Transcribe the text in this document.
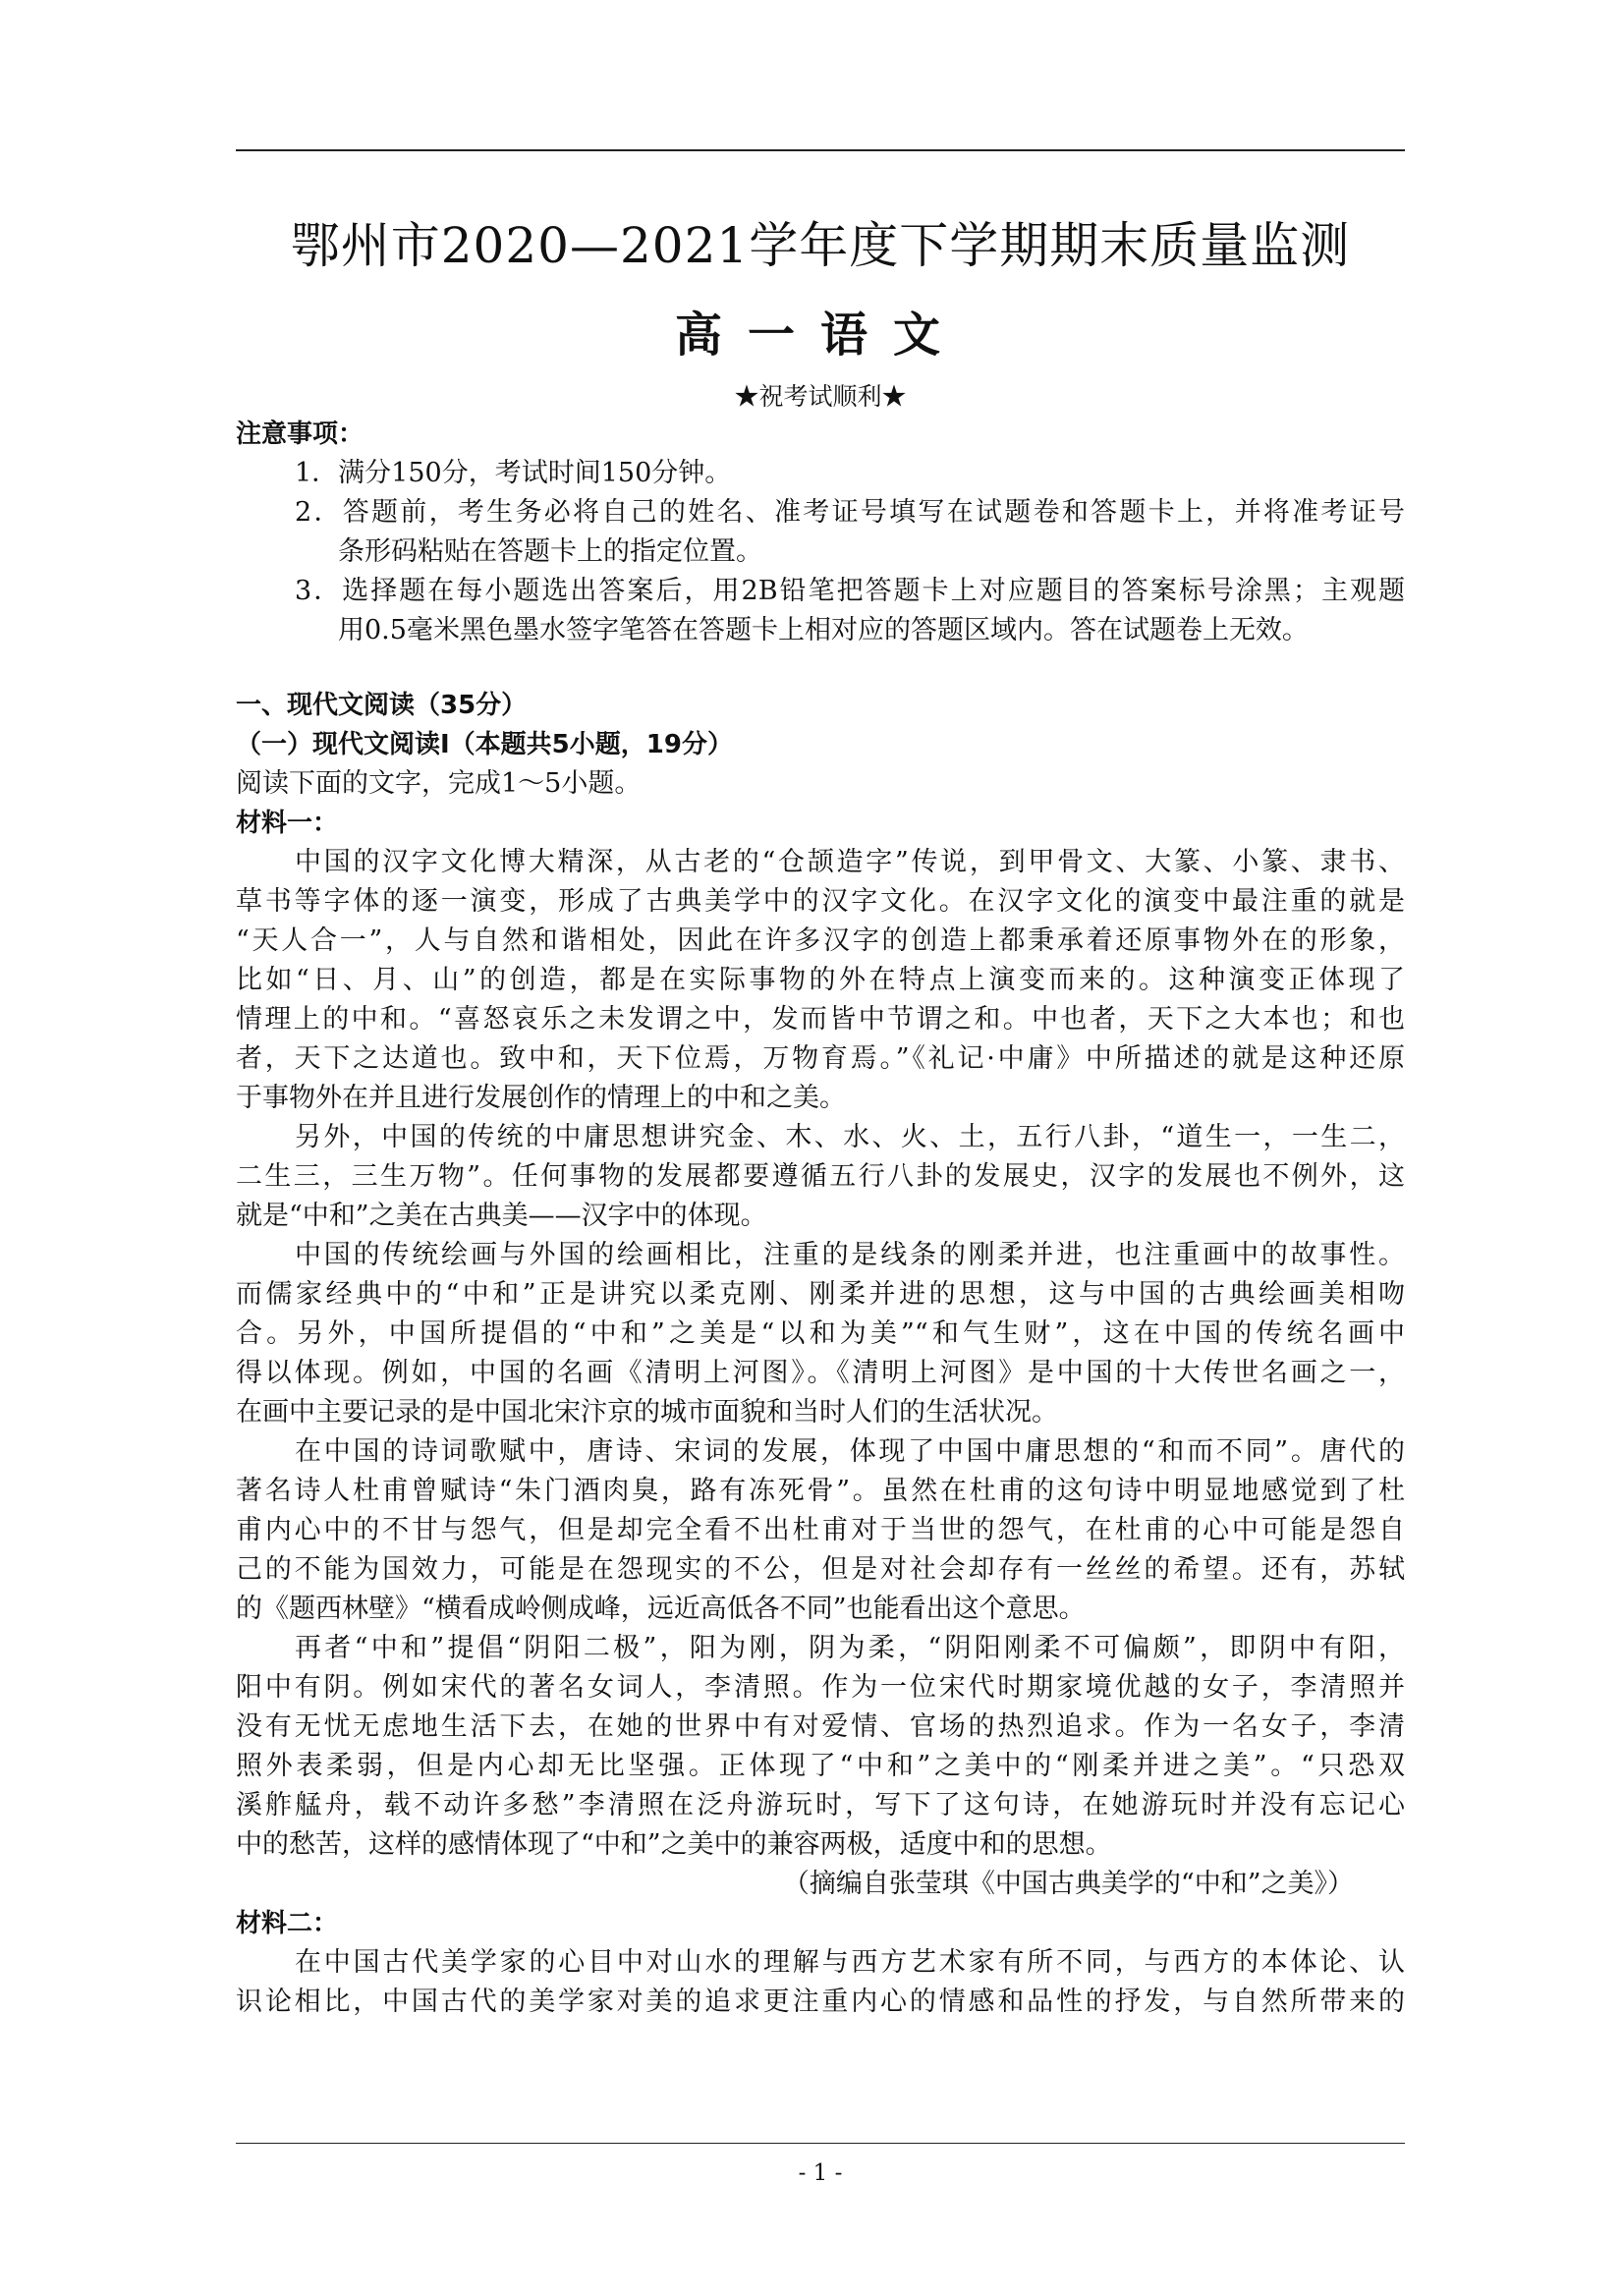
鄂州市2020—2021学年度下学期期末质量监测
高一语文
★祝考试顺利★
注意事项：
1．满分150分，考试时间150分钟。
2．答题前，考生务必将自己的姓名、准考证号填写在试题卷和答题卡上，并将准考证号
条形码粘贴在答题卡上的指定位置。
3．选择题在每小题选出答案后，用2B铅笔把答题卡上对应题目的答案标号涂黑；主观题
用0.5毫米黑色墨水签字笔答在答题卡上相对应的答题区域内。答在试题卷上无效。
一、现代文阅读（35分）
（一）现代文阅读I（本题共5小题，19分）
阅读下面的文字，完成1～5小题。
材料一：
中国的汉字文化博大精深，从古老的“仓颉造字”传说，到甲骨文、大篆、小篆、隶书、
草书等字体的逐一演变，形成了古典美学中的汉字文化。在汉字文化的演变中最注重的就是
“天人合一”，人与自然和谐相处，因此在许多汉字的创造上都秉承着还原事物外在的形象，
比如“日、月、山”的创造，都是在实际事物的外在特点上演变而来的。这种演变正体现了
情理上的中和。“喜怒哀乐之未发谓之中，发而皆中节谓之和。中也者，天下之大本也；和也
者，天下之达道也。致中和，天下位焉，万物育焉。”《礼记·中庸》中所描述的就是这种还原
于事物外在并且进行发展创作的情理上的中和之美。
另外，中国的传统的中庸思想讲究金、木、水、火、土，五行八卦，“道生一，一生二，
二生三，三生万物”。任何事物的发展都要遵循五行八卦的发展史，汉字的发展也不例外，这
就是“中和”之美在古典美——汉字中的体现。
中国的传统绘画与外国的绘画相比，注重的是线条的刚柔并进，也注重画中的故事性。
而儒家经典中的“中和”正是讲究以柔克刚、刚柔并进的思想，这与中国的古典绘画美相吻
合。另外，中国所提倡的“中和”之美是“以和为美”“和气生财”，这在中国的传统名画中
得以体现。例如，中国的名画《清明上河图》。《清明上河图》是中国的十大传世名画之一，
在画中主要记录的是中国北宋汴京的城市面貌和当时人们的生活状况。
在中国的诗词歌赋中，唐诗、宋词的发展，体现了中国中庸思想的“和而不同”。唐代的
著名诗人杜甫曾赋诗“朱门酒肉臭，路有冻死骨”。虽然在杜甫的这句诗中明显地感觉到了杜
甫内心中的不甘与怨气，但是却完全看不出杜甫对于当世的怨气，在杜甫的心中可能是怨自
己的不能为国效力，可能是在怨现实的不公，但是对社会却存有一丝丝的希望。还有，苏轼
的《题西林壁》“横看成岭侧成峰，远近高低各不同”也能看出这个意思。
再者“中和”提倡“阴阳二极”，阳为刚，阴为柔，“阴阳刚柔不可偏颇”，即阴中有阳，
阳中有阴。例如宋代的著名女词人，李清照。作为一位宋代时期家境优越的女子，李清照并
没有无忧无虑地生活下去，在她的世界中有对爱情、官场的热烈追求。作为一名女子，李清
照外表柔弱，但是内心却无比坚强。正体现了“中和”之美中的“刚柔并进之美”。“只恐双
溪舴艋舟，载不动许多愁”李清照在泛舟游玩时，写下了这句诗，在她游玩时并没有忘记心
中的愁苦，这样的感情体现了“中和”之美中的兼容两极，适度中和的思想。
（摘编自张莹琪《中国古典美学的“中和”之美》）
材料二：
在中国古代美学家的心目中对山水的理解与西方艺术家有所不同，与西方的本体论、认
识论相比，中国古代的美学家对美的追求更注重内心的情感和品性的抒发，与自然所带来的
- 1 -
